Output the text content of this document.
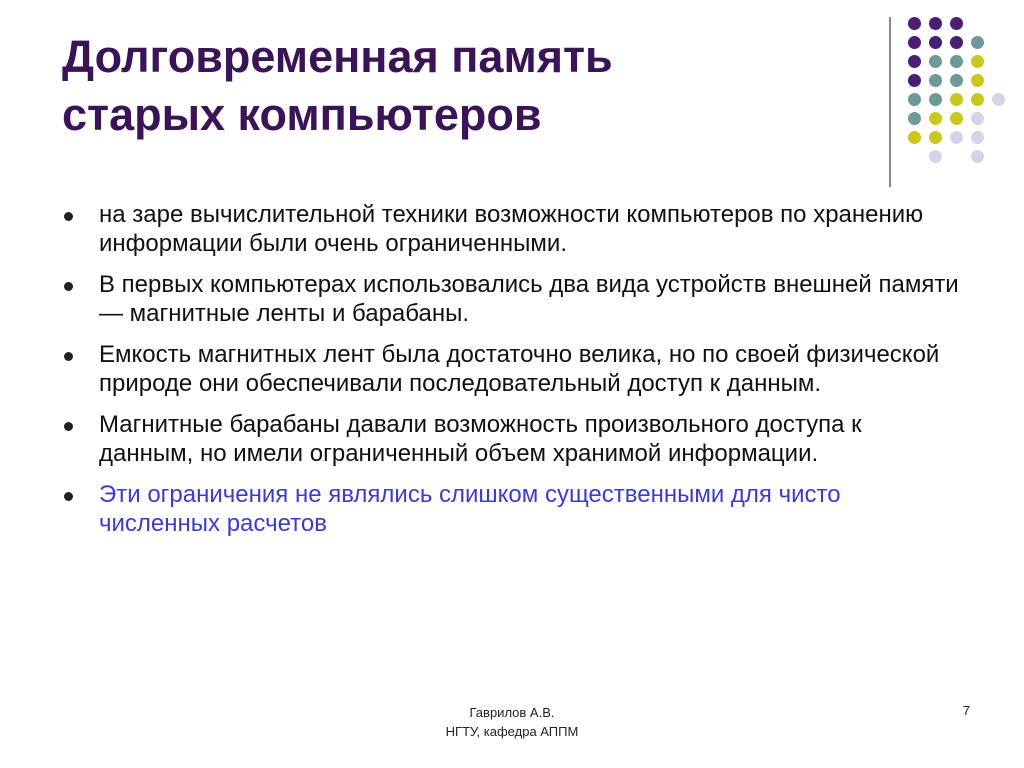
Долговременная память
старых компьютеров
на заре вычислительной техники возможности компьютеров по хранению информации были очень ограниченными.
В первых компьютерах использовались два вида устройств внешней памяти — магнитные ленты и барабаны.
Емкость магнитных лент была достаточно велика, но по своей физической природе они обеспечивали последовательный доступ к данным.
Магнитные барабаны давали возможность произвольного доступа к данным, но имели ограниченный объем хранимой информации.
Эти ограничения не являлись слишком существенными для чисто численных расчетов
Гаврилов А.В.
НГТУ, кафедра АППМ
7
